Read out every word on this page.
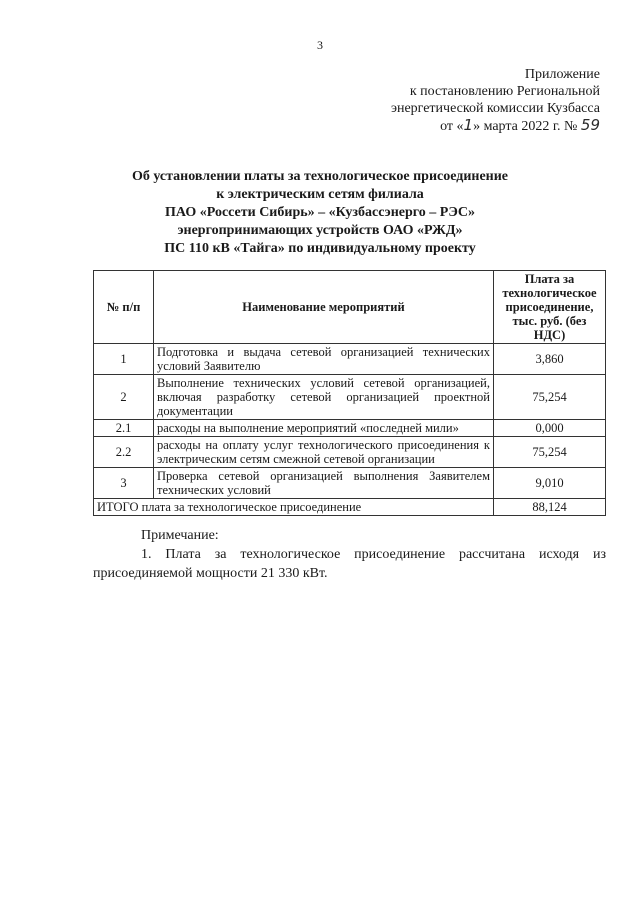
3
Приложение
к постановлению Региональной
энергетической комиссии Кузбасса
от «1» марта 2022 г. № 59
Об установлении платы за технологическое присоединение
к электрическим сетям филиала
ПАО «Россети Сибирь» – «Кузбассэнерго – РЭС»
энергопринимающих устройств ОАО «РЖД»
ПС 110 кВ «Тайга» по индивидуальному проекту
№ п/п	Наименование мероприятий	Плата за технологическое присоединение, тыс. руб. (без НДС)
1	Подготовка и выдача сетевой организацией технических условий Заявителю	3,860
2	Выполнение технических условий сетевой организацией, включая разработку сетевой организацией проектной документации	75,254
2.1	расходы на выполнение мероприятий «последней мили»	0,000
2.2	расходы на оплату услуг технологического присоединения к электрическим сетям смежной сетевой организации	75,254
3	Проверка сетевой организацией выполнения Заявителем технических условий	9,010
ИТОГО плата за технологическое присоединение		88,124
Примечание:
1. Плата за технологическое присоединение рассчитана исходя из присоединяемой мощности 21 330 кВт.
